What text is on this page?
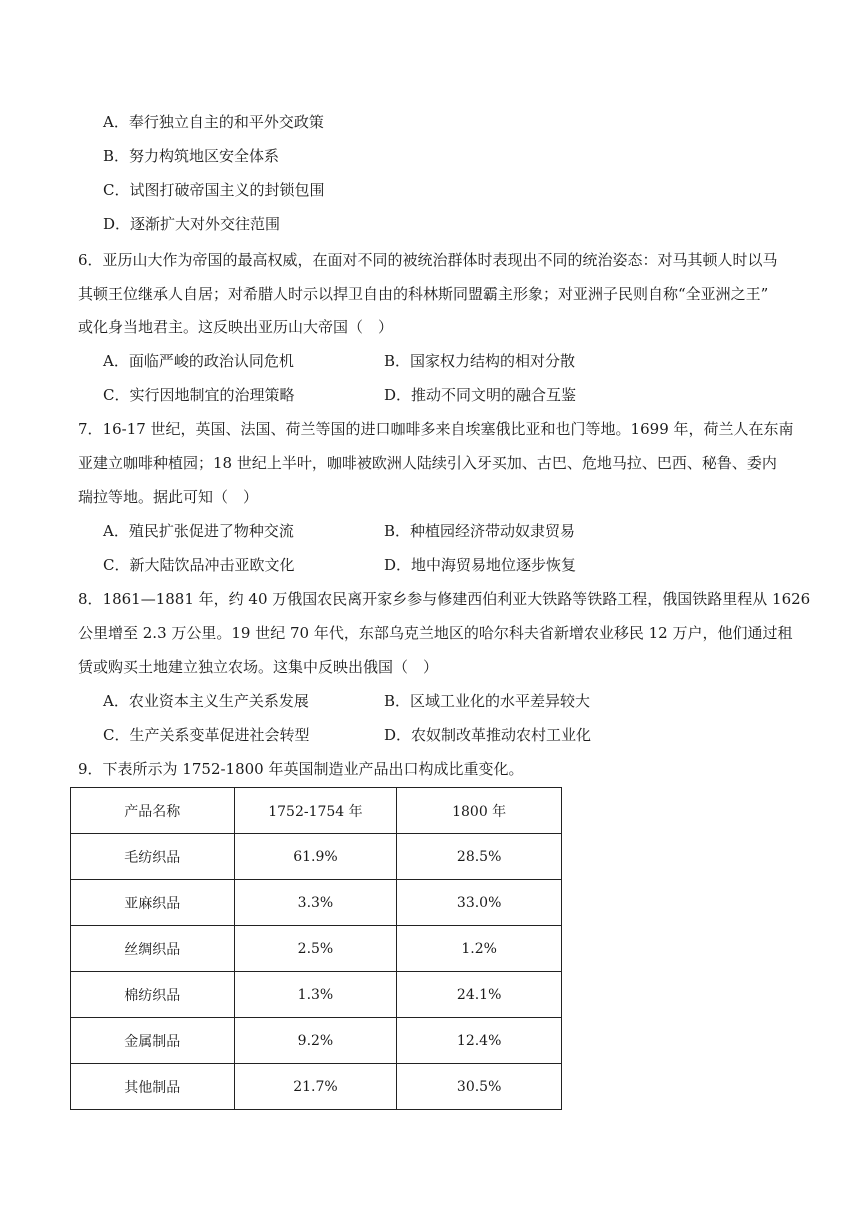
A．奉行独立自主的和平外交政策
B．努力构筑地区安全体系
C．试图打破帝国主义的封锁包围
D．逐渐扩大对外交往范围
6．亚历山大作为帝国的最高权威，在面对不同的被统治群体时表现出不同的统治姿态：对马其顿人时以马
其顿王位继承人自居；对希腊人时示以捍卫自由的科林斯同盟霸主形象；对亚洲子民则自称“全亚洲之王”
或化身当地君主。这反映出亚历山大帝国（　）
A．面临严峻的政治认同危机	B．国家权力结构的相对分散
C．实行因地制宜的治理策略	D．推动不同文明的融合互鉴
7．16-17 世纪，英国、法国、荷兰等国的进口咖啡多来自埃塞俄比亚和也门等地。1699 年，荷兰人在东南
亚建立咖啡种植园；18 世纪上半叶，咖啡被欧洲人陆续引入牙买加、古巴、危地马拉、巴西、秘鲁、委内
瑞拉等地。据此可知（　）
A．殖民扩张促进了物种交流	B．种植园经济带动奴隶贸易
C．新大陆饮品冲击亚欧文化	D．地中海贸易地位逐步恢复
8．1861—1881 年，约 40 万俄国农民离开家乡参与修建西伯利亚大铁路等铁路工程，俄国铁路里程从 1626
公里增至 2.3 万公里。19 世纪 70 年代，东部乌克兰地区的哈尔科夫省新增农业移民 12 万户，他们通过租
赁或购买土地建立独立农场。这集中反映出俄国（　）
A．农业资本主义生产关系发展	B．区域工业化的水平差异较大
C．生产关系变革促进社会转型	D．农奴制改革推动农村工业化
9．下表所示为 1752-1800 年英国制造业产品出口构成比重变化。
产品名称	1752-1754 年	1800 年
毛纺织品	61.9%	28.5%
亚麻织品	3.3%	33.0%
丝绸织品	2.5%	1.2%
棉纺织品	1.3%	24.1%
金属制品	9.2%	12.4%
其他制品	21.7%	30.5%
